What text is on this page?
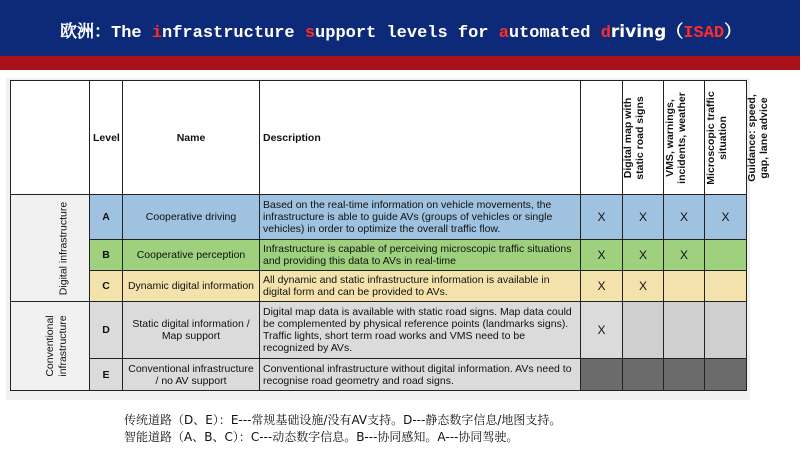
欧洲：The infrastructure support levels for automated driving（ISAD）
	Level	Name	Description	Digital map with static road signs	VMS, warnings, incidents, weather	Microscopic traffic situation	Guidance: speed, gap, lane advice
Digital infrastructure	A	Cooperative driving	Based on the real-time information on vehicle movements, the infrastructure is able to guide AVs (groups of vehicles or single vehicles) in order to optimize the overall traffic flow.	X	X	X	X
	B	Cooperative perception	Infrastructure is capable of perceiving microscopic traffic situations and providing this data to AVs in real-time	X	X	X	
	C	Dynamic digital information	All dynamic and static infrastructure information is available in digital form and can be provided to AVs.	X	X		
Conventional infrastructure	D	Static digital information / Map support	Digital map data is available with static road signs. Map data could be complemented by physical reference points (landmarks signs). Traffic lights, short term road works and VMS need to be recognized by AVs.	X			
	E	Conventional infrastructure / no AV support	Conventional infrastructure without digital information. AVs need to recognise road geometry and road signs.				
传统道路（D、E）：E---常规基础设施/没有AV支持。D---静态数字信息/地图支持。
智能道路（A、B、C）：C---动态数字信息。B---协同感知。A---协同驾驶。
